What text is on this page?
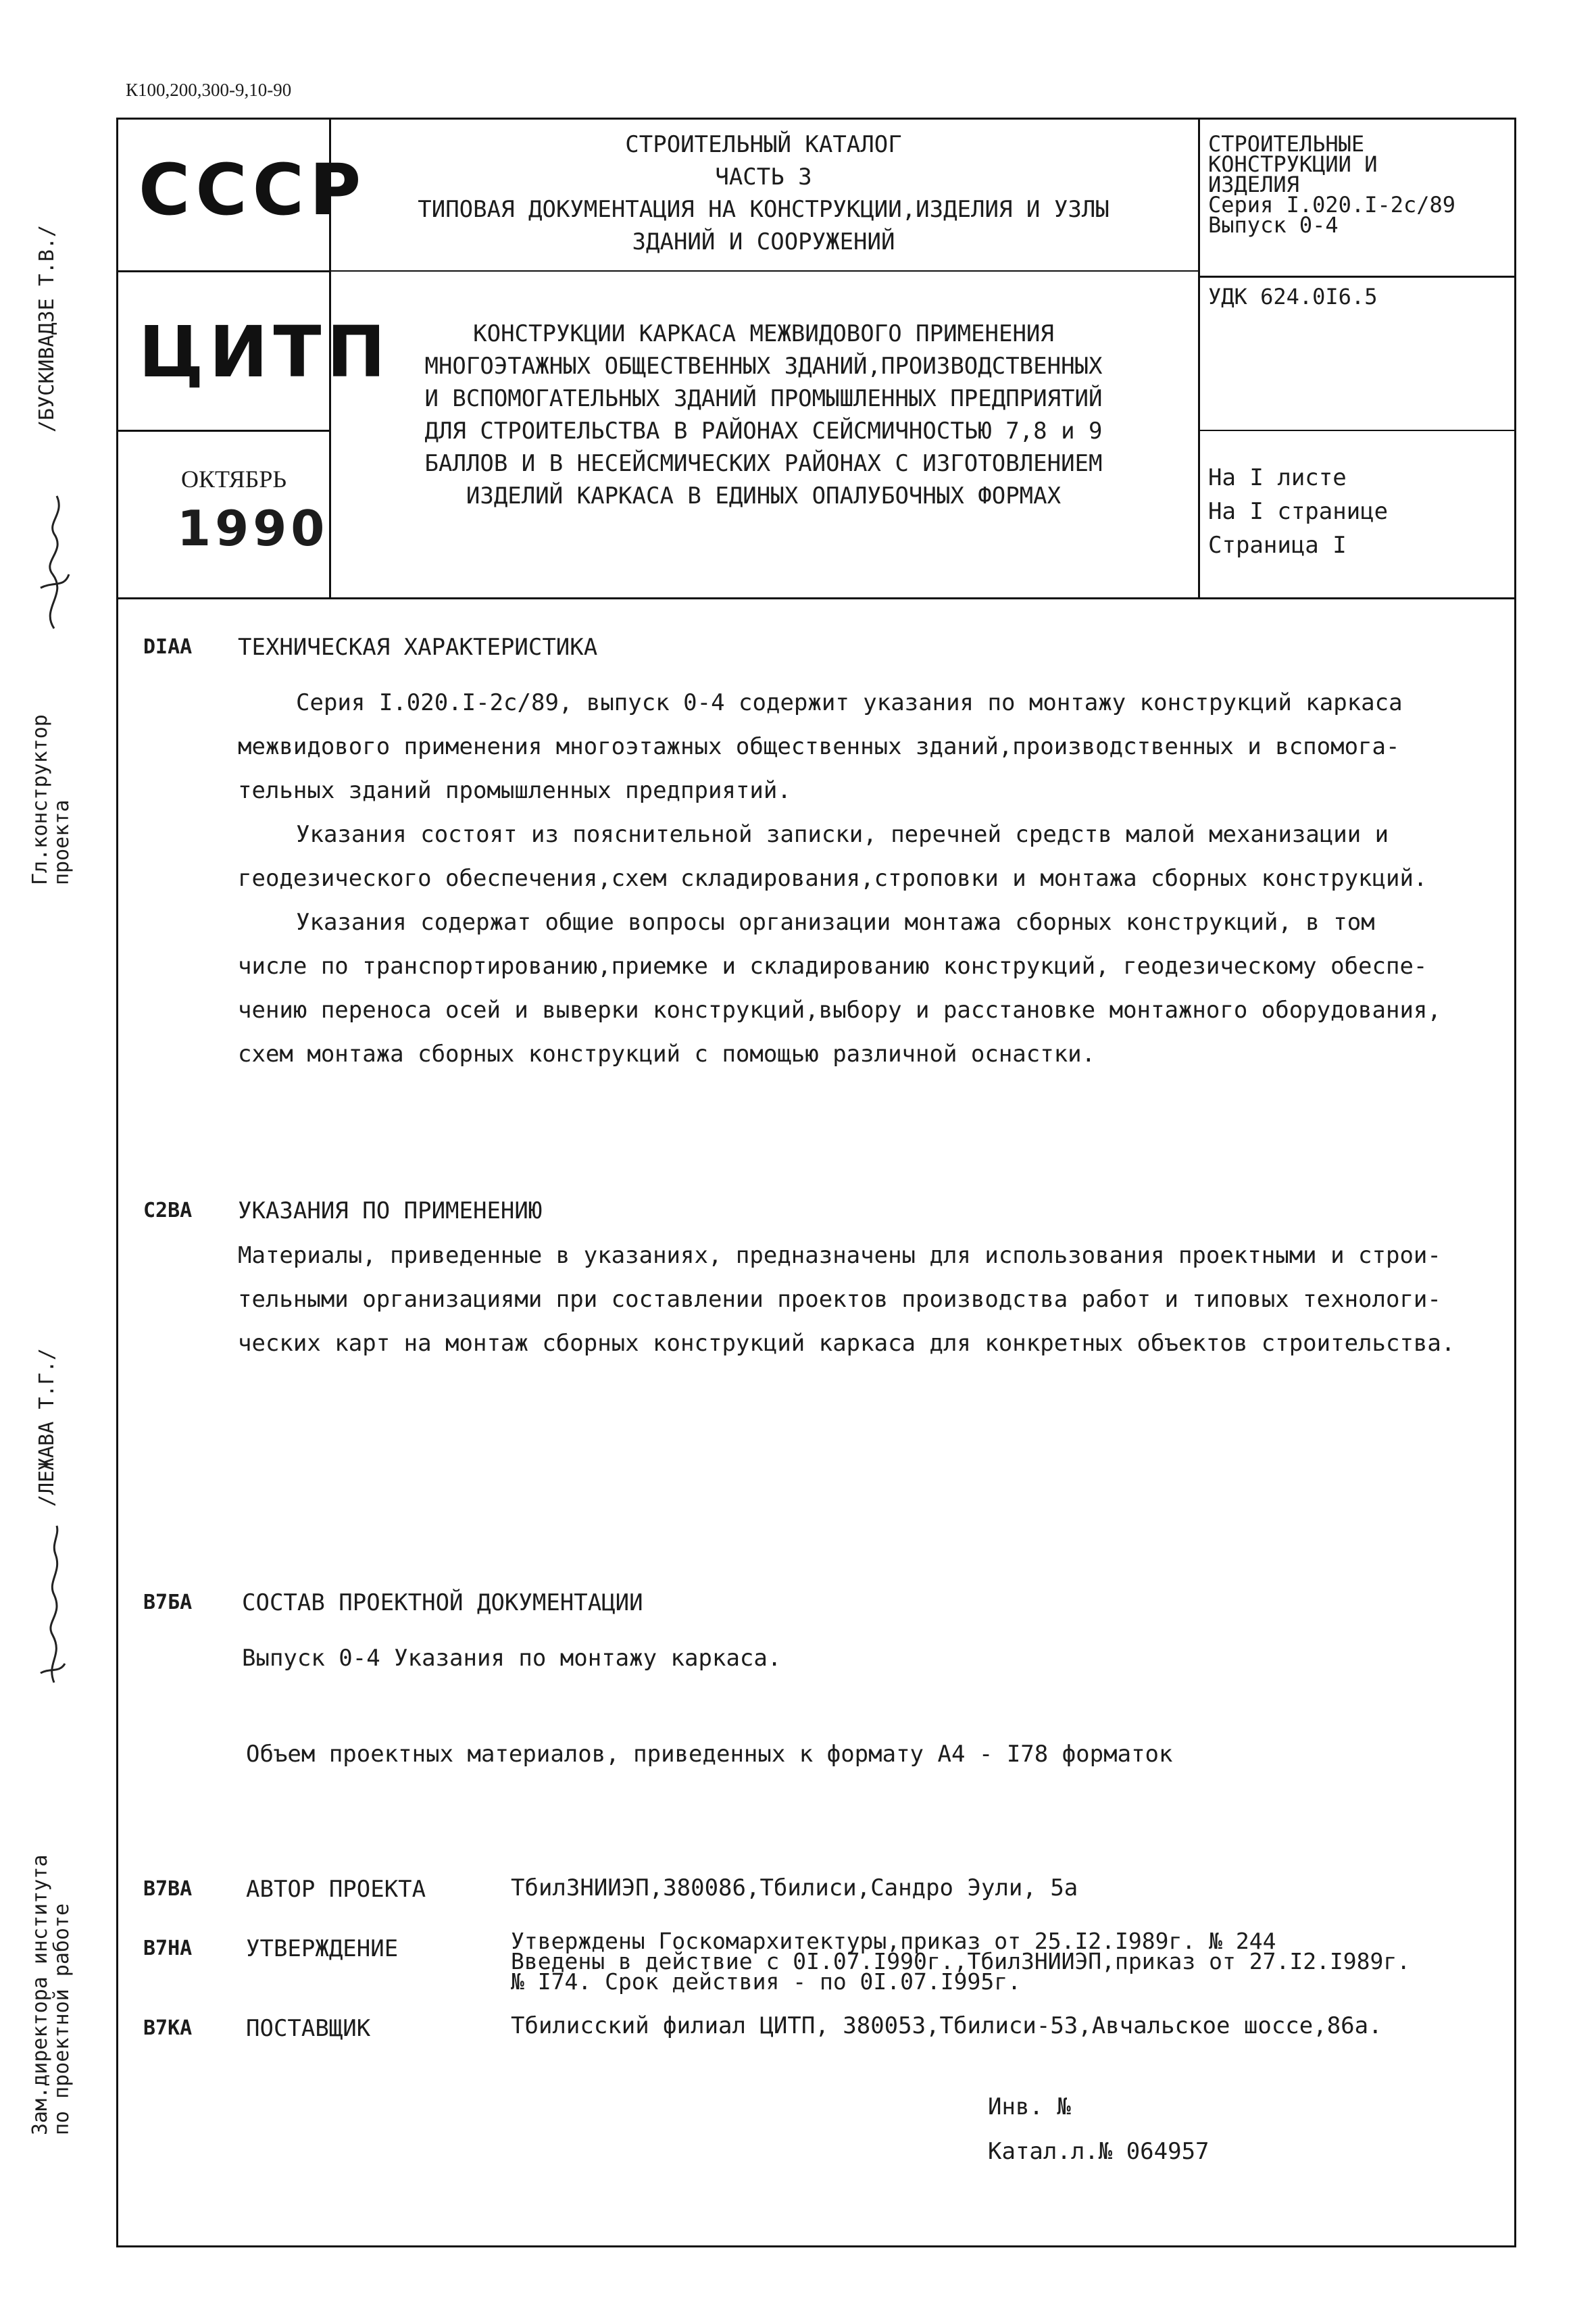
К100,200,300-9,10-90
СССР
ЦИТП
ОКТЯБРЬ
1990
СТРОИТЕЛЬНЫЙ КАТАЛОГ
ЧАСТЬ 3
ТИПОВАЯ ДОКУМЕНТАЦИЯ НА КОНСТРУКЦИИ,ИЗДЕЛИЯ И УЗЛЫ
ЗДАНИЙ И СООРУЖЕНИЙ
КОНСТРУКЦИИ КАРКАСА МЕЖВИДОВОГО ПРИМЕНЕНИЯ
МНОГОЭТАЖНЫХ ОБЩЕСТВЕННЫХ ЗДАНИЙ,ПРОИЗВОДСТВЕННЫХ
И ВСПОМОГАТЕЛЬНЫХ ЗДАНИЙ ПРОМЫШЛЕННЫХ ПРЕДПРИЯТИЙ
ДЛЯ СТРОИТЕЛЬСТВА В РАЙОНАХ СЕЙСМИЧНОСТЬЮ 7,8 и 9
БАЛЛОВ И В НЕСЕЙСМИЧЕСКИХ РАЙОНАХ С ИЗГОТОВЛЕНИЕМ
ИЗДЕЛИЙ КАРКАСА В ЕДИНЫХ ОПАЛУБОЧНЫХ ФОРМАХ
СТРОИТЕЛЬНЫЕ
КОНСТРУКЦИИ И
ИЗДЕЛИЯ
Серия I.020.I-2с/89
Выпуск 0-4
УДК 624.0I6.5
На I листе
На I странице
Страница I
Гл.конструктор
проекта
/БУСКИВАДЗЕ Т.В./
/ЛЕЖАВА Т.Г./
Зам.директора института
по проектной работе
DIAA ТЕХНИЧЕСКАЯ ХАРАКТЕРИСТИКА
Серия I.020.I-2с/89, выпуск 0-4 содержит указания по монтажу конструкций каркаса
межвидового применения многоэтажных общественных зданий,производственных и вспомога-
тельных зданий промышленных предприятий.
Указания состоят из пояснительной записки, перечней средств малой механизации и
геодезического обеспечения,схем складирования,строповки и монтажа сборных конструкций.
Указания содержат общие вопросы организации монтажа сборных конструкций, в том
числе по транспортированию,приемке и складированию конструкций, геодезическому обеспе-
чению переноса осей и выверки конструкций,выбору и расстановке монтажного оборудования,
схем монтажа сборных конструкций с помощью различной оснастки.
C2BA УКАЗАНИЯ ПО ПРИМЕНЕНИЮ
Материалы, приведенные в указаниях, предназначены для использования проектными и строи-
тельными организациями при составлении проектов производства работ и типовых технологи-
ческих карт на монтаж сборных конструкций каркаса для конкретных объектов строительства.
B7БA СОСТАВ ПРОЕКТНОЙ ДОКУМЕНТАЦИИ
Выпуск 0-4 Указания по монтажу каркаса.
Объем проектных материалов, приведенных к формату А4 - I78 форматок
B7BA АВТОР ПРОЕКТА	ТбилЗНИИЭП,380086,Тбилиси,Сандро Эули, 5а
B7HA УТВЕРЖДЕНИЕ	Утверждены Госкомархитектуры,приказ от 25.I2.I989г. № 244
Введены в действие с 0I.07.I990г.,ТбилЗНИИЭП,приказ от 27.I2.I989г.
№ I74. Срок действия - по 0I.07.I995г.
B7KA ПОСТАВЩИК	Тбилисский филиал ЦИТП, 380053,Тбилиси-53,Авчальское шоссе,86а.
Инв. №
Катал.л.№ 064957
